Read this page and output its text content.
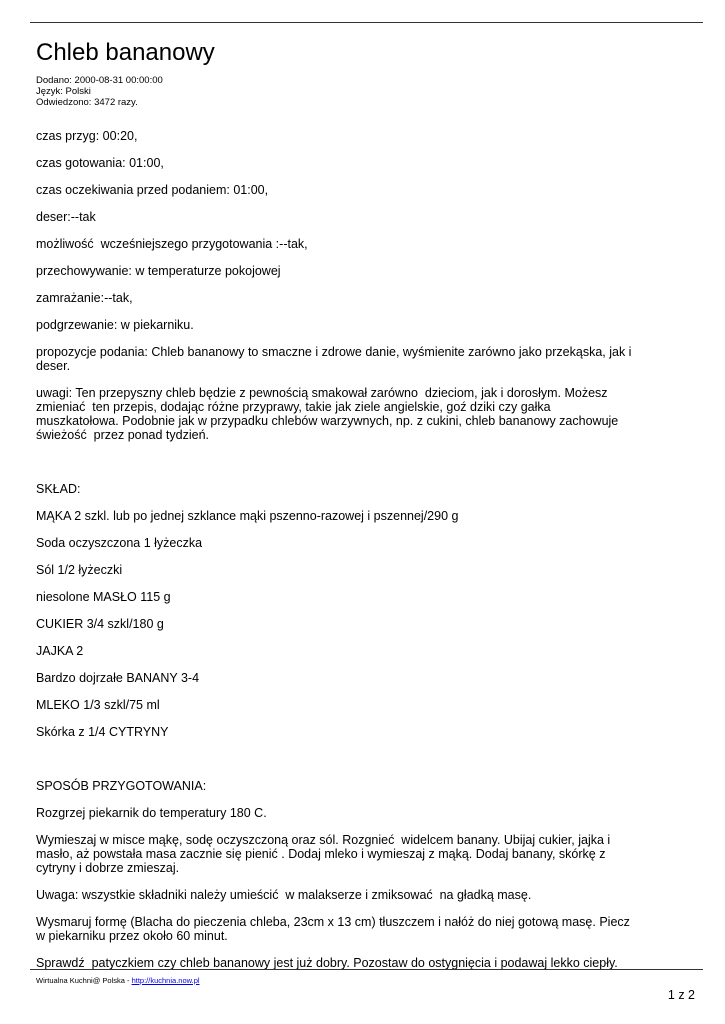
Chleb bananowy
Dodano: 2000-08-31 00:00:00
Język: Polski
Odwiedzono: 3472 razy.

czas przyg: 00:20,

czas gotowania: 01:00,

czas oczekiwania przed podaniem: 01:00,

deser:--tak

możliwość  wcześniejszego przygotowania :--tak,

przechowywanie: w temperaturze pokojowej

zamrażanie:--tak,

podgrzewanie: w piekarniku.

propozycje podania: Chleb bananowy to smaczne i zdrowe danie, wyśmienite zarówno jako przekąska, jak i deser.

uwagi: Ten przepyszny chleb będzie z pewnością smakował zarówno  dzieciom, jak i dorosłym. Możesz zmieniać  ten przepis, dodając różne przyprawy, takie jak ziele angielskie, goź dziki czy gałka muszkatołowa. Podobnie jak w przypadku chlebów warzywnych, np. z cukini, chleb bananowy zachowuje świeżość  przez ponad tydzień.

SKŁAD:

MĄKA 2 szkl. lub po jednej szklance mąki pszenno-razowej i pszennej/290 g

Soda oczyszczona 1 łyżeczka

Sól 1/2 łyżeczki

niesolone MASŁO 115 g

CUKIER 3/4 szkl/180 g

JAJKA 2

Bardzo dojrzałe BANANY 3-4

MLEKO 1/3 szkl/75 ml

Skórka z 1/4 CYTRYNY

SPOSÓB PRZYGOTOWANIA:

Rozgrzej piekarnik do temperatury 180 C.

Wymieszaj w misce mąkę, sodę oczyszczoną oraz sól. Rozgnieć  widelcem banany. Ubijaj cukier, jajka i masło, aż powstała masa zacznie się pienić . Dodaj mleko i wymieszaj z mąką. Dodaj banany, skórkę z cytryny i dobrze zmieszaj.

Uwaga: wszystkie składniki należy umieścić  w malakserze i zmiksować  na gładką masę.

Wysmaruj formę (Blacha do pieczenia chleba, 23cm x 13 cm) tłuszczem i nałóż do niej gotową masę. Piecz w piekarniku przez około 60 minut.

Sprawdź  patyczkiem czy chleb bananowy jest już dobry. Pozostaw do ostygnięcia i podawaj lekko ciepły.

Wirtualna Kuchni@ Polska - http://kuchnia.now.pl
1 z 2
